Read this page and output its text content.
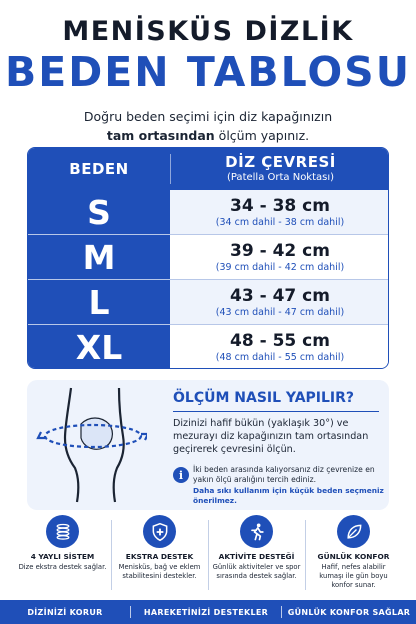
MENİSKÜS DİZLİK
BEDEN TABLOSU
Doğru beden seçimi için diz kapağınızın
tam ortasından ölçüm yapınız.
BEDEN	DİZ ÇEVRESİ
(Patella Orta Noktası)
S	34 - 38 cm
(34 cm dahil - 38 cm dahil)
M	39 - 42 cm
(39 cm dahil - 42 cm dahil)
L	43 - 47 cm
(43 cm dahil - 47 cm dahil)
XL	48 - 55 cm
(48 cm dahil - 55 cm dahil)
ÖLÇÜM NASIL YAPILIR?
Dizinizi hafif bükün (yaklaşık 30°) ve mezurayı diz kapağınızın tam ortasından geçirerek çevresini ölçün.
i	İki beden arasında kalıyorsanız diz çevrenize en yakın ölçü aralığını tercih ediniz.
Daha sıkı kullanım için küçük beden seçmeniz önerilmez.
4 YAYLI SİSTEM
Dize ekstra destek sağlar.
EKSTRA DESTEK
Menisküs, bağ ve eklem stabilitesini destekler.
AKTİVİTE DESTEĞİ
Günlük aktiviteler ve spor sırasında destek sağlar.
GÜNLÜK KONFOR
Hafif, nefes alabilir kumaşı ile gün boyu konfor sunar.
DİZİNİZİ KORUR	HAREKETİNİZİ DESTEKLER	GÜNLÜK KONFOR SAĞLAR
